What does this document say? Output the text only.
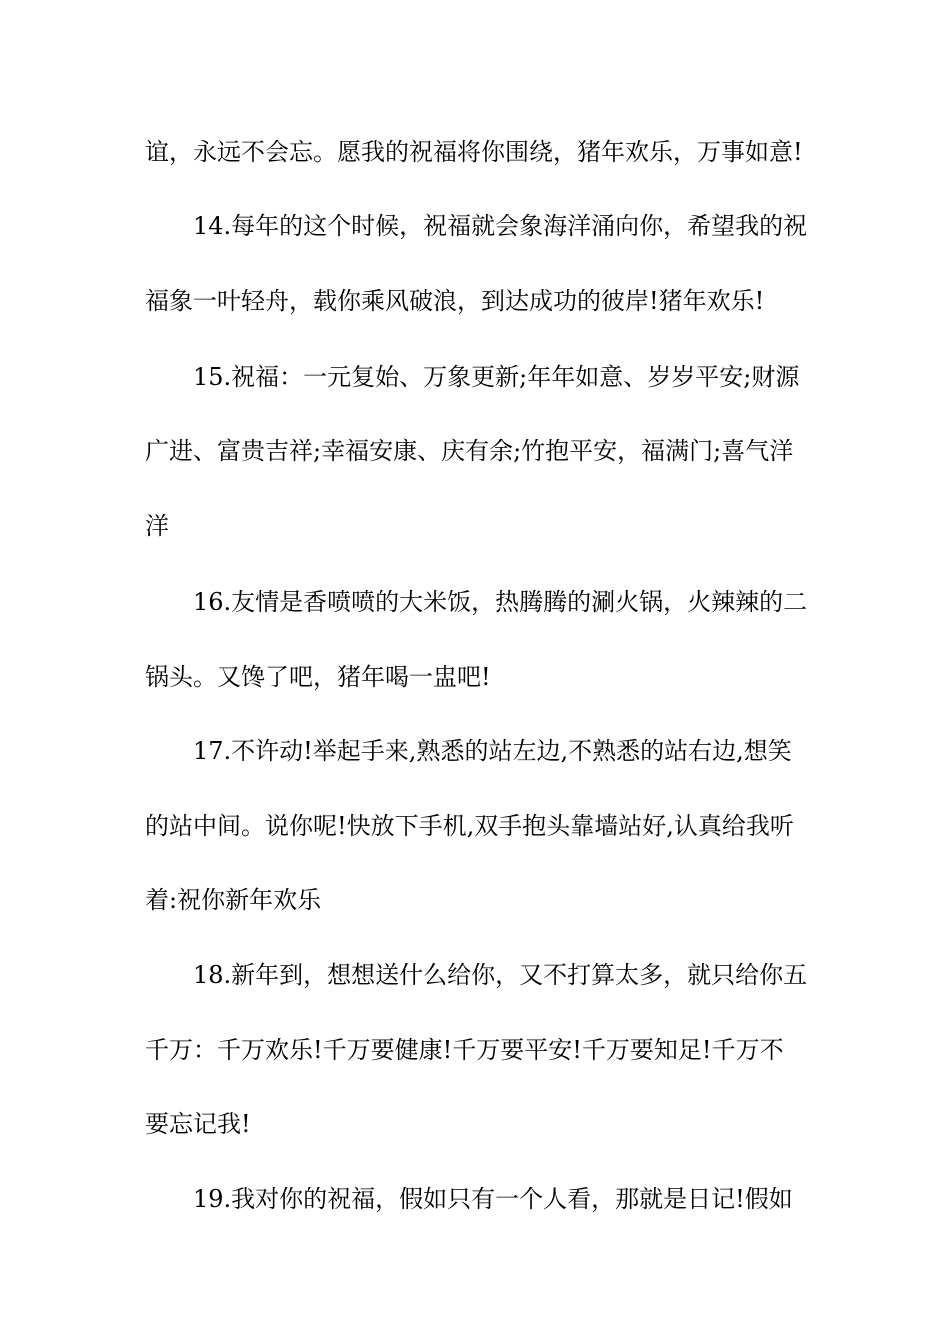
谊，永远不会忘。愿我的祝福将你围绕，猪年欢乐，万事如意!
14.每年的这个时候，祝福就会象海洋涌向你，希望我的祝
福象一叶轻舟，载你乘风破浪，到达成功的彼岸!猪年欢乐!
15.祝福：一元复始、万象更新;年年如意、岁岁平安;财源
广进、富贵吉祥;幸福安康、庆有余;竹抱平安，福满门;喜气洋
洋
16.友情是香喷喷的大米饭，热腾腾的涮火锅，火辣辣的二
锅头。又馋了吧，猪年喝一盅吧!
17.不许动!举起手来,熟悉的站左边,不熟悉的站右边,想笑
的站中间。说你呢!快放下手机,双手抱头靠墙站好,认真给我听
着:祝你新年欢乐
18.新年到，想想送什么给你，又不打算太多，就只给你五
千万：千万欢乐!千万要健康!千万要平安!千万要知足!千万不
要忘记我!
19.我对你的祝福，假如只有一个人看，那就是日记!假如
